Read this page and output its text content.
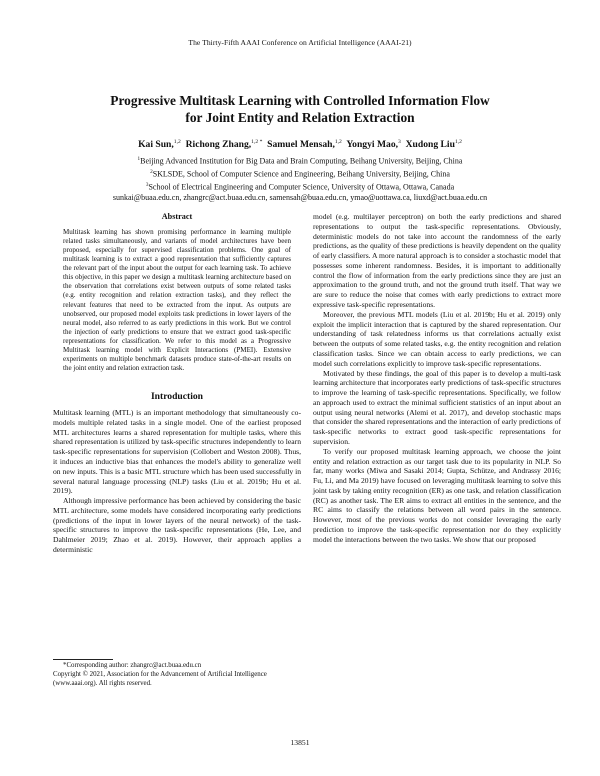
The Thirty-Fifth AAAI Conference on Artificial Intelligence (AAAI-21)
Progressive Multitask Learning with Controlled Information Flow
for Joint Entity and Relation Extraction
Kai Sun,$^{1,2}$ Richong Zhang,$^{1,2 *}$ Samuel Mensah,$^{1,2}$ Yongyi Mao,$^3$ Xudong Liu$^{1,2}$
$^1$Beijing Advanced Institution for Big Data and Brain Computing, Beihang University, Beijing, China
$^2$SKLSDE, School of Computer Science and Engineering, Beihang University, Beijing, China
$^3$School of Electrical Engineering and Computer Science, University of Ottawa, Ottawa, Canada
sunkai@buaa.edu.cn, zhangrc@act.buaa.edu.cn, samensah@buaa.edu.cn, ymao@uottawa.ca, liuxd@act.buaa.edu.cn
Abstract
Multitask learning has shown promising performance in learning multiple related tasks simultaneously, and variants of model architectures have been proposed, especially for supervised classification problems. One goal of multitask learning is to extract a good representation that sufficiently captures the relevant part of the input about the output for each learning task. To achieve this objective, in this paper we design a multitask learning architecture based on the observation that correlations exist between outputs of some related tasks (e.g. entity recognition and relation extraction tasks), and they reflect the relevant features that need to be extracted from the input. As outputs are unobserved, our proposed model exploits task predictions in lower layers of the neural model, also referred to as early predictions in this work. But we control the injection of early predictions to ensure that we extract good task-specific representations for classification. We refer to this model as a Progressive Multitask learning model with Explicit Interactions (PMEI). Extensive experiments on multiple benchmark datasets produce state-of-the-art results on the joint entity and relation extraction task.
Introduction

Multitask learning (MTL) is an important methodology that simultaneously co-models multiple related tasks in a single model. One of the earliest proposed MTL architectures learns a shared representation for multiple tasks, where this shared representation is utilized by task-specific structures independently to learn task-specific representations for supervision (Collobert and Weston 2008). Thus, it induces an inductive bias that enhances the model's ability to generalize well on new inputs. This is a basic MTL structure which has been used successfully in several natural language processing (NLP) tasks (Liu et al. 2019b; Hu et al. 2019).

Although impressive performance has been achieved by considering the basic MTL architecture, some models have considered incorporating early predictions (predictions of the input in lower layers of the neural network) of the task-specific structures to improve the task-specific representations (He, Lee, and Dahlmeier 2019; Zhao et al. 2019). However, their approach applies a deterministic

*Corresponding author: zhangrc@act.buaa.edu.cn

Copyright © 2021, Association for the Advancement of Artificial Intelligence (www.aaai.org). All rights reserved.

model (e.g. multilayer perceptron) on both the early predictions and shared representations to output the task-specific representations. Obviously, deterministic models do not take into account the randomness of the early predictions, as the quality of these predictions is heavily dependent on the quality of early classifiers. A more natural approach is to consider a stochastic model that possesses some inherent randomness. Besides, it is important to additionally control the flow of information from the early predictions since they are just an approximation to the ground truth, and not the ground truth itself. That way we are sure to reduce the noise that comes with early predictions to extract more expressive task-specific representations.

Moreover, the previous MTL models (Liu et al. 2019b; Hu et al. 2019) only exploit the implicit interaction that is captured by the shared representation. Our understanding of task relatedness informs us that correlations actually exist between the outputs of some related tasks, e.g. the entity recognition and relation classification tasks. Since we can obtain access to early predictions, we can model such correlations explicitly to improve task-specific representations.

Motivated by these findings, the goal of this paper is to develop a multi-task learning architecture that incorporates early predictions of task-specific structures to improve the learning of task-specific representations. Specifically, we follow an approach used to extract the minimal sufficient statistics of an input about an output using neural networks (Alemi et al. 2017), and develop stochastic maps that consider the shared representations and the interaction of early predictions of task-specific networks to extract good task-specific representations for supervision.

To verify our proposed multitask learning approach, we choose the joint entity and relation extraction as our target task due to its popularity in NLP. So far, many works (Miwa and Sasaki 2014; Gupta, Schütze, and Andrassy 2016; Fu, Li, and Ma 2019) have focused on leveraging multitask learning to solve this joint task by taking entity recognition (ER) as one task, and relation classification (RC) as another task. The ER aims to extract all entities in the sentence, and the RC aims to classify the relations between all word pairs in the sentence. However, most of the previous works do not consider leveraging the early prediction to improve the task-specific representation nor do they explicitly model the interactions between the two tasks. We show that our proposed

13851
